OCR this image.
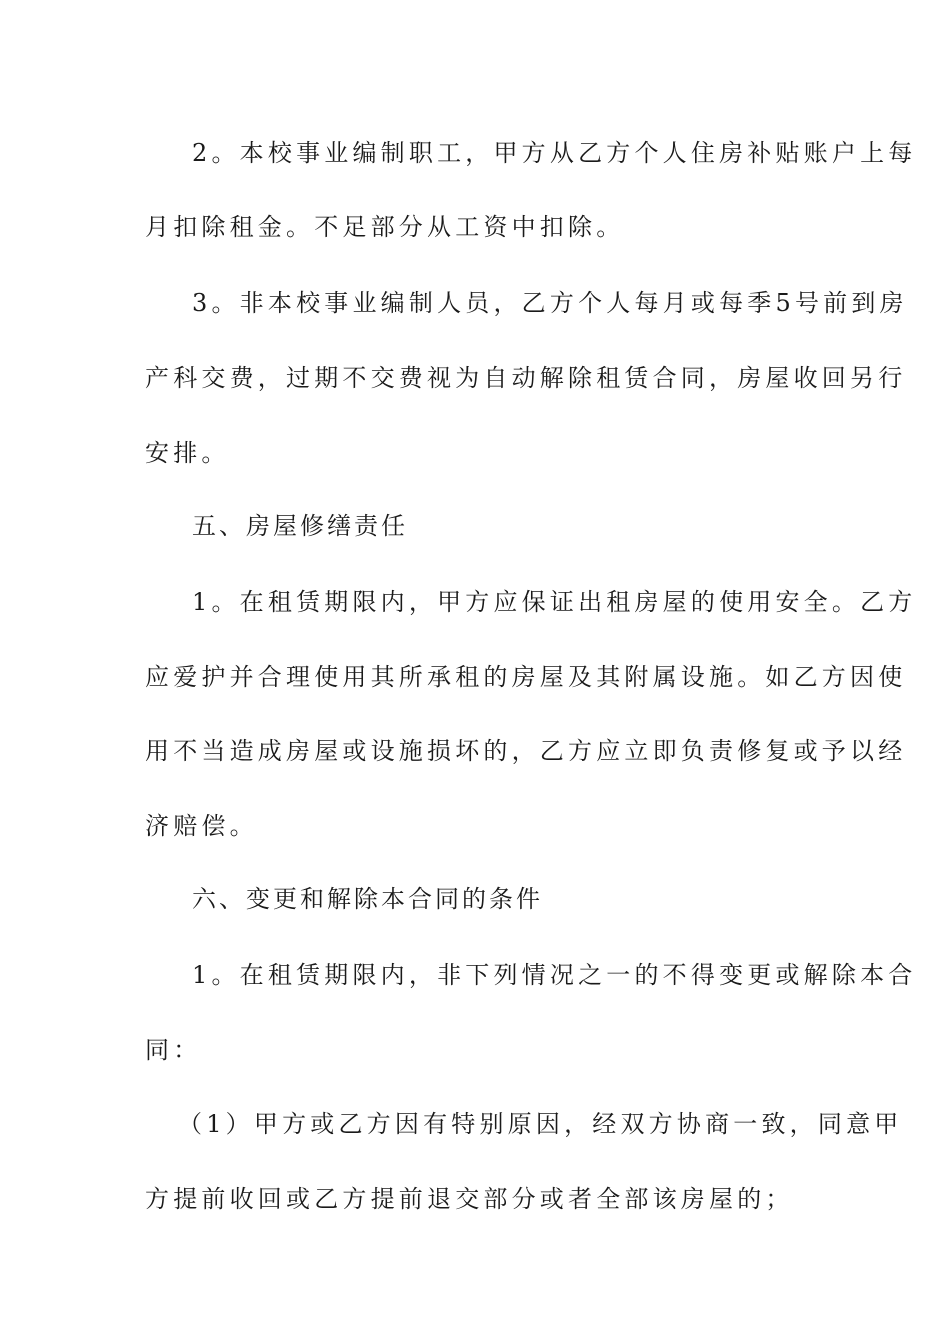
2。本校事业编制职工，甲方从乙方个人住房补贴账户上每
月扣除租金。不足部分从工资中扣除。
3。非本校事业编制人员，乙方个人每月或每季5号前到房
产科交费，过期不交费视为自动解除租赁合同，房屋收回另行
安排。
五、房屋修缮责任
1。在租赁期限内，甲方应保证出租房屋的使用安全。乙方
应爱护并合理使用其所承租的房屋及其附属设施。如乙方因使
用不当造成房屋或设施损坏的，乙方应立即负责修复或予以经
济赔偿。
六、变更和解除本合同的条件
1。在租赁期限内，非下列情况之一的不得变更或解除本合
同：
（1）甲方或乙方因有特别原因，经双方协商一致，同意甲
方提前收回或乙方提前退交部分或者全部该房屋的；
